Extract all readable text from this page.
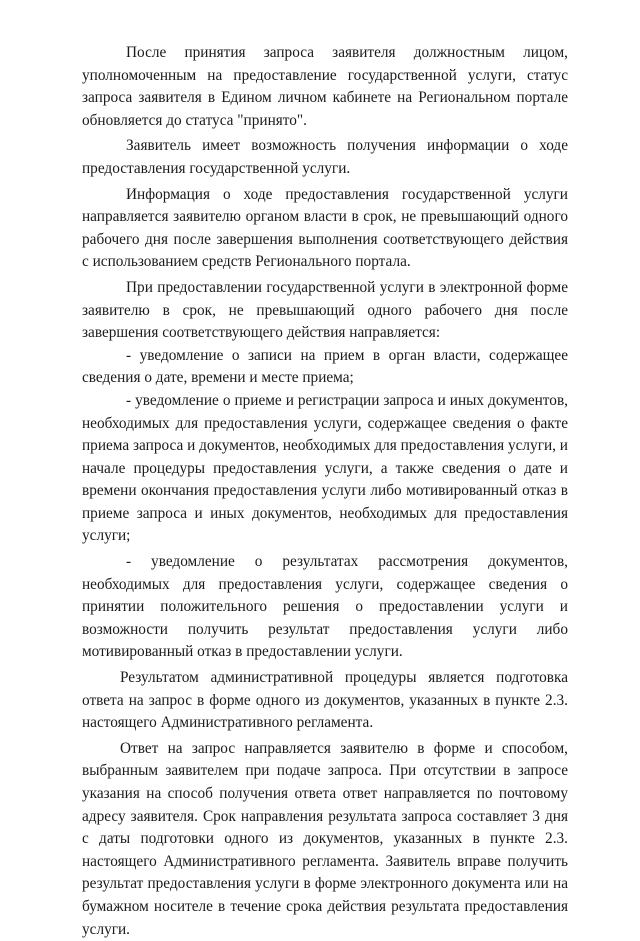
После принятия запроса заявителя должностным лицом, уполномоченным на предоставление государственной услуги, статус запроса заявителя в Едином личном кабинете на Региональном портале обновляется до статуса "принято".

Заявитель имеет возможность получения информации о ходе предоставления государственной услуги.

Информация о ходе предоставления государственной услуги направляется заявителю органом власти в срок, не превышающий одного рабочего дня после завершения выполнения соответствующего действия с использованием средств Регионального портала.

При предоставлении государственной услуги в электронной форме заявителю в срок, не превышающий одного рабочего дня после завершения соответствующего действия направляется:

- уведомление о записи на прием в орган власти, содержащее сведения о дате, времени и месте приема;

- уведомление о приеме и регистрации запроса и иных документов, необходимых для предоставления услуги, содержащее сведения о факте приема запроса и документов, необходимых для предоставления услуги, и начале процедуры предоставления услуги, а также сведения о дате и времени окончания предоставления услуги либо мотивированный отказ в приеме запроса и иных документов, необходимых для предоставления услуги;

- уведомление о результатах рассмотрения документов, необходимых для предоставления услуги, содержащее сведения о принятии положительного решения о предоставлении услуги и возможности получить результат предоставления услуги либо мотивированный отказ в предоставлении услуги.

Результатом административной процедуры является подготовка ответа на запрос в форме одного из документов, указанных в пункте 2.3. настоящего Административного регламента.

Ответ на запрос направляется заявителю в форме и способом, выбранным заявителем при подаче запроса. При отсутствии в запросе указания на способ получения ответа ответ направляется по почтовому адресу заявителя. Срок направления результата запроса составляет 3 дня с даты подготовки одного из документов, указанных в пункте 2.3. настоящего Административного регламента. Заявитель вправе получить результат предоставления услуги в форме электронного документа или на бумажном носителе в течение срока действия результата предоставления услуги.
